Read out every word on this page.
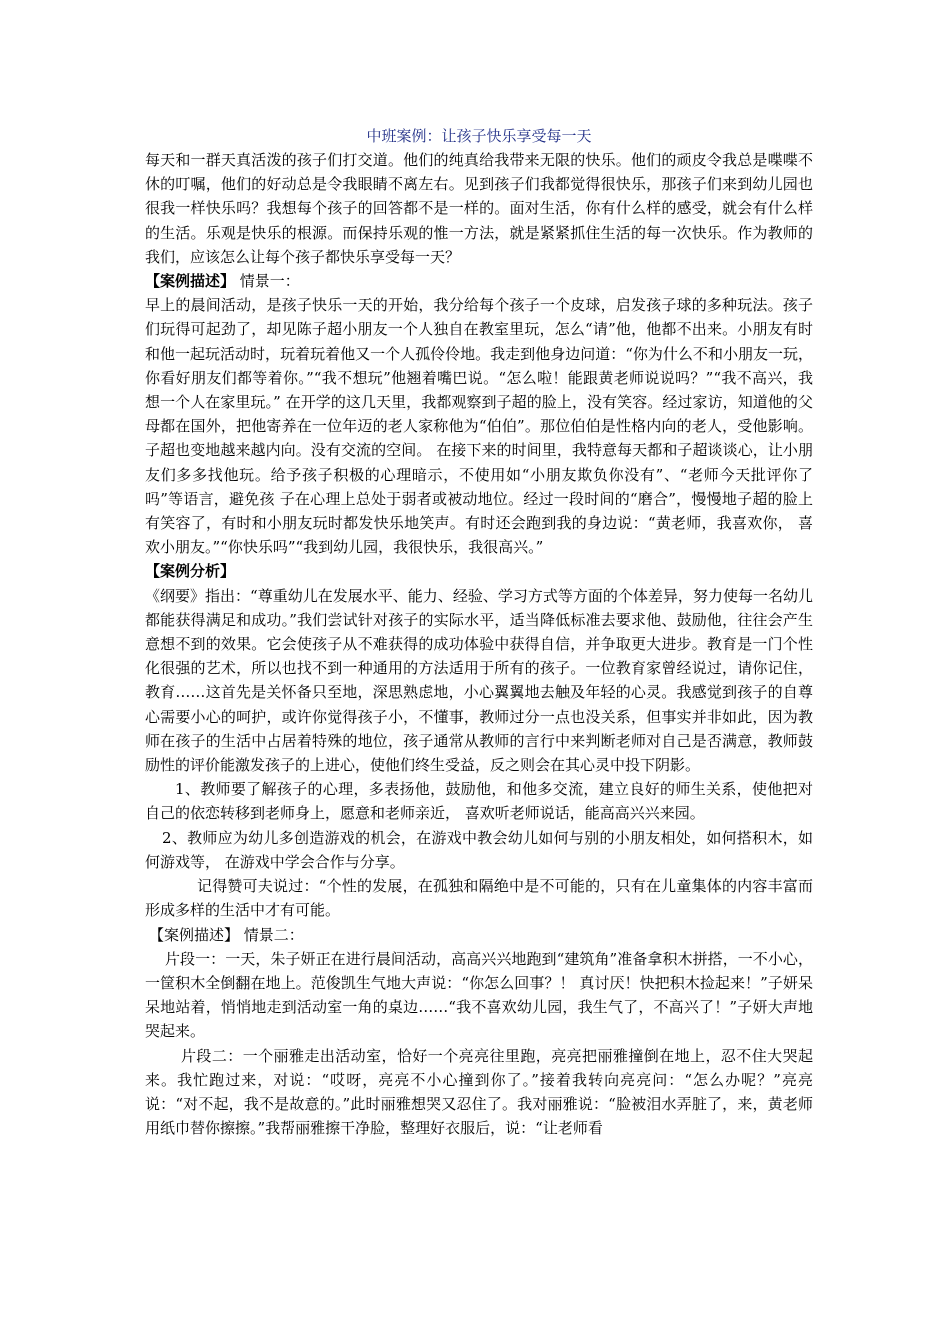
中班案例：让孩子快乐享受每一天

每天和一群天真活泼的孩子们打交道。他们的纯真给我带来无限的快乐。他们的顽皮令我总是喋喋不休的叮嘱，他们的好动总是令我眼睛不离左右。见到孩子们我都觉得很快乐，那孩子们来到幼儿园也很我一样快乐吗？我想每个孩子的回答都不是一样的。面对生活，你有什么样的感受，就会有什么样的生活。乐观是快乐的根源。而保持乐观的惟一方法，就是紧紧抓住生活的每一次快乐。作为教师的我们，应该怎么让每个孩子都快乐享受每一天？

【案例描述】 情景一：

早上的晨间活动，是孩子快乐一天的开始，我分给每个孩子一个皮球，启发孩子球的多种玩法。孩子们玩得可起劲了，却见陈子超小朋友一个人独自在教室里玩，怎么“请”他，他都不出来。小朋友有时和他一起玩活动时，玩着玩着他又一个人孤伶伶地。我走到他身边问道：“你为什么不和小朋友一玩，你看好朋友们都等着你。”“我不想玩”他翘着嘴巴说。“怎么啦！能跟黄老师说说吗？”“我不高兴，我想一个人在家里玩。” 在开学的这几天里，我都观察到子超的脸上，没有笑容。经过家访，知道他的父母都在国外，把他寄养在一位年迈的老人家称他为“伯伯”。那位伯伯是性格内向的老人，受他影响。子超也变地越来越内向。没有交流的空间。 在接下来的时间里，我特意每天都和子超谈谈心，让小朋友们多多找他玩。给予孩子积极的心理暗示，不使用如“小朋友欺负你没有”、“老师今天批评你了吗”等语言，避免孩 子在心理上总处于弱者或被动地位。经过一段时间的“磨合”，慢慢地子超的脸上有笑容了，有时和小朋友玩时都发快乐地笑声。有时还会跑到我的身边说：“黄老师，我喜欢你， 喜欢小朋友。”“你快乐吗”“我到幼儿园，我很快乐，我很高兴。”

【案例分析】

《纲要》指出：“尊重幼儿在发展水平、能力、经验、学习方式等方面的个体差异，努力使每一名幼儿都能获得满足和成功。”我们尝试针对孩子的实际水平，适当降低标准去要求他、鼓励他，往往会产生意想不到的效果。它会使孩子从不难获得的成功体验中获得自信，并争取更大进步。教育是一门个性化很强的艺术，所以也找不到一种通用的方法适用于所有的孩子。一位教育家曾经说过，请你记住，教育……这首先是关怀备只至地，深思熟虑地，小心翼翼地去触及年轻的心灵。我感觉到孩子的自尊心需要小心的呵护，或许你觉得孩子小，不懂事，教师过分一点也没关系，但事实并非如此，因为教师在孩子的生活中占居着特殊的地位，孩子通常从教师的言行中来判断老师对自己是否满意，教师鼓励性的评价能激发孩子的上进心，使他们终生受益，反之则会在其心灵中投下阴影。

1、教师要了解孩子的心理，多表扬他，鼓励他，和他多交流，建立良好的师生关系，使他把对自己的依恋转移到老师身上，愿意和老师亲近， 喜欢听老师说话，能高高兴兴来园。

2、教师应为幼儿多创造游戏的机会，在游戏中教会幼儿如何与别的小朋友相处，如何搭积木，如何游戏等， 在游戏中学会合作与分享。

记得赞可夫说过：“个性的发展，在孤独和隔绝中是不可能的，只有在儿童集体的内容丰富而形成多样的生活中才有可能。

【案例描述】 情景二：

片段一：一天，朱子妍正在进行晨间活动，高高兴兴地跑到“建筑角”准备拿积木拼搭，一不小心，一筐积木全倒翻在地上。范俊凯生气地大声说：“你怎么回事？！ 真讨厌！快把积木捡起来！”子妍呆呆地站着，悄悄地走到活动室一角的桌边……“我不喜欢幼儿园，我生气了，不高兴了！”子妍大声地哭起来。

片段二：一个丽雅走出活动室，恰好一个亮亮往里跑，亮亮把丽雅撞倒在地上，忍不住大哭起来。我忙跑过来，对说：“哎呀，亮亮不小心撞到你了。”接着我转向亮亮问：“怎么办呢？”亮亮说：“对不起，我不是故意的。”此时丽雅想哭又忍住了。我对丽雅说：“脸被泪水弄脏了，来，黄老师用纸巾替你擦擦。”我帮丽雅擦干净脸，整理好衣服后，说：“让老师看
